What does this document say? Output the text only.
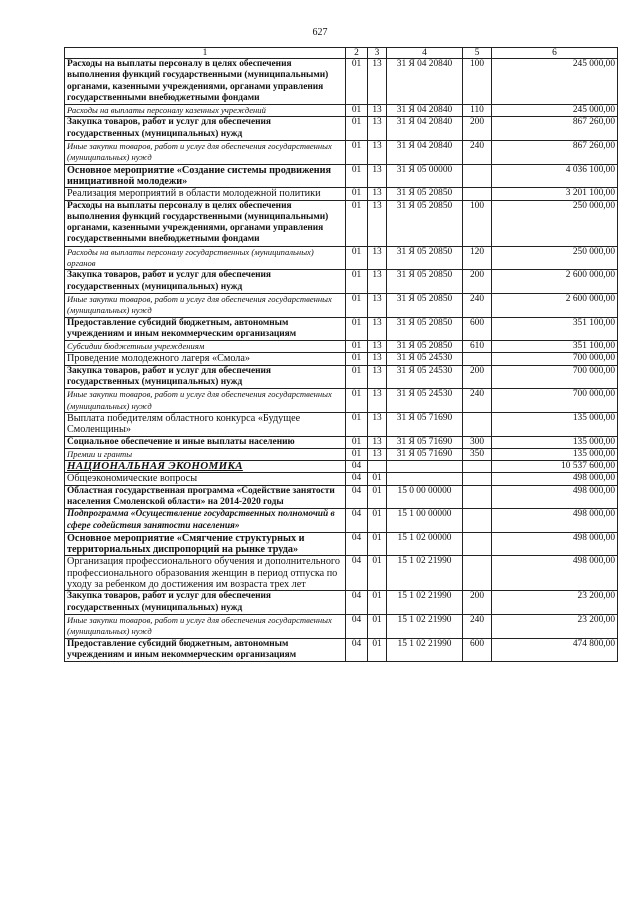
627
1	2	3	4	5	6
Расходы на выплаты персоналу в целях обеспечения выполнения функций государственными (муниципальными) органами, казенными учреждениями, органами управления государственными внебюджетными фондами	01	13	31 Я 04 20840	100	245 000,00
Расходы на выплаты персоналу казенных учреждений	01	13	31 Я 04 20840	110	245 000,00
Закупка товаров, работ и услуг для обеспечения государственных (муниципальных) нужд	01	13	31 Я 04 20840	200	867 260,00
Иные закупки товаров, работ и услуг для обеспечения государственных (муниципальных) нужд	01	13	31 Я 04 20840	240	867 260,00
Основное мероприятие «Создание системы продвижения инициативной молодежи»	01	13	31 Я 05 00000		4 036 100,00
Реализация мероприятий в области молодежной политики	01	13	31 Я 05 20850		3 201 100,00
Расходы на выплаты персоналу в целях обеспечения выполнения функций государственными (муниципальными) органами, казенными учреждениями, органами управления государственными внебюджетными фондами	01	13	31 Я 05 20850	100	250 000,00
Расходы на выплаты персоналу государственных (муниципальных) органов	01	13	31 Я 05 20850	120	250 000,00
Закупка товаров, работ и услуг для обеспечения государственных (муниципальных) нужд	01	13	31 Я 05 20850	200	2 600 000,00
Иные закупки товаров, работ и услуг для обеспечения государственных (муниципальных) нужд	01	13	31 Я 05 20850	240	2 600 000,00
Предоставление субсидий бюджетным, автономным учреждениям и иным некоммерческим организациям	01	13	31 Я 05 20850	600	351 100,00
Субсидии бюджетным учреждениям	01	13	31 Я 05 20850	610	351 100,00
Проведение молодежного лагеря «Смола»	01	13	31 Я 05 24530		700 000,00
Закупка товаров, работ и услуг для обеспечения государственных (муниципальных) нужд	01	13	31 Я 05 24530	200	700 000,00
Иные закупки товаров, работ и услуг для обеспечения государственных (муниципальных) нужд	01	13	31 Я 05 24530	240	700 000,00
Выплата победителям областного конкурса «Будущее Смоленщины»	01	13	31 Я 05 71690		135 000,00
Социальное обеспечение и иные выплаты населению	01	13	31 Я 05 71690	300	135 000,00
Премии и гранты	01	13	31 Я 05 71690	350	135 000,00
НАЦИОНАЛЬНАЯ ЭКОНОМИКА	04				10 537 600,00
Общеэкономические вопросы	04	01			498 000,00
Областная государственная программа «Содействие занятости населения Смоленской области» на 2014-2020 годы	04	01	15 0 00 00000		498 000,00
Подпрограмма «Осуществление государственных полномочий в сфере содействия занятости населения»	04	01	15 1 00 00000		498 000,00
Основное мероприятие «Смягчение структурных и территориальных диспропорций на рынке труда»	04	01	15 1 02 00000		498 000,00
Организация профессионального обучения и дополнительного профессионального образования женщин в период отпуска по уходу за ребенком до достижения им возраста трех лет	04	01	15 1 02 21990		498 000,00
Закупка товаров, работ и услуг для обеспечения государственных (муниципальных) нужд	04	01	15 1 02 21990	200	23 200,00
Иные закупки товаров, работ и услуг для обеспечения государственных (муниципальных) нужд	04	01	15 1 02 21990	240	23 200,00
Предоставление субсидий бюджетным, автономным учреждениям и иным некоммерческим организациям	04	01	15 1 02 21990	600	474 800,00
